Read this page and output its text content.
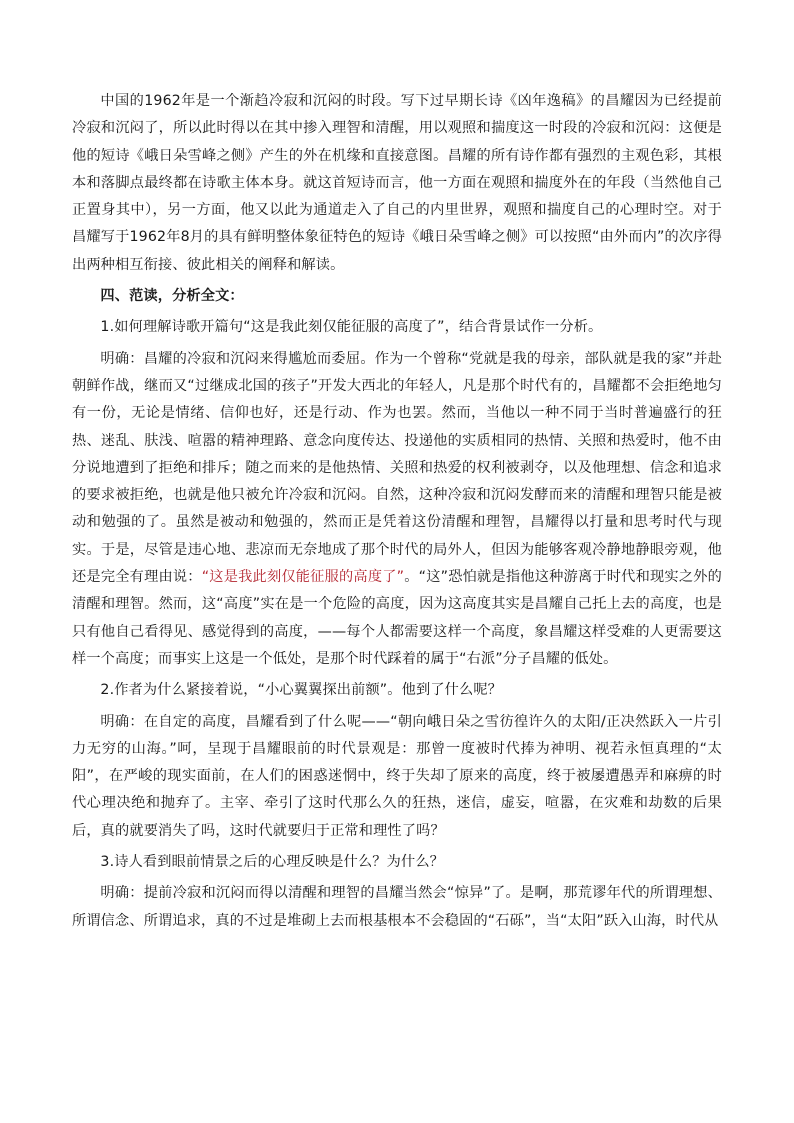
中国的1962年是一个渐趋冷寂和沉闷的时段。写下过早期长诗《凶年逸稿》的昌耀因为已经提前冷寂和沉闷了，所以此时得以在其中掺入理智和清醒，用以观照和揣度这一时段的冷寂和沉闷：这便是他的短诗《峨日朵雪峰之侧》产生的外在机缘和直接意图。昌耀的所有诗作都有强烈的主观色彩，其根本和落脚点最终都在诗歌主体本身。就这首短诗而言，他一方面在观照和揣度外在的年段（当然他自己正置身其中），另一方面，他又以此为通道走入了自己的内里世界，观照和揣度自己的心理时空。对于昌耀写于1962年8月的具有鲜明整体象征特色的短诗《峨日朵雪峰之侧》可以按照“由外而内”的次序得出两种相互衔接、彼此相关的阐释和解读。

四、范读，分析全文：

1.如何理解诗歌开篇句“这是我此刻仅能征服的高度了”，结合背景试作一分析。

明确：昌耀的冷寂和沉闷来得尴尬而委屈。作为一个曾称“党就是我的母亲，部队就是我的家”并赴朝鲜作战，继而又“过继成北国的孩子”开发大西北的年轻人，凡是那个时代有的，昌耀都不会拒绝地匀有一份，无论是情绪、信仰也好，还是行动、作为也罢。然而，当他以一种不同于当时普遍盛行的狂热、迷乱、肤浅、喧嚣的精神理路、意念向度传达、投递他的实质相同的热情、关照和热爱时，他不由分说地遭到了拒绝和排斥；随之而来的是他热情、关照和热爱的权利被剥夺，以及他理想、信念和追求的要求被拒绝，也就是他只被允许冷寂和沉闷。自然，这种冷寂和沉闷发酵而来的清醒和理智只能是被动和勉强的了。虽然是被动和勉强的，然而正是凭着这份清醒和理智，昌耀得以打量和思考时代与现实。于是，尽管是违心地、悲凉而无奈地成了那个时代的局外人，但因为能够客观冷静地静眼旁观，他还是完全有理由说：“这是我此刻仅能征服的高度了”。“这”恐怕就是指他这种游离于时代和现实之外的清醒和理智。然而，这“高度”实在是一个危险的高度，因为这高度其实是昌耀自己托上去的高度，也是只有他自己看得见、感觉得到的高度，——每个人都需要这样一个高度，象昌耀这样受难的人更需要这样一个高度；而事实上这是一个低处，是那个时代踩着的属于“右派”分子昌耀的低处。

2.作者为什么紧接着说，“小心翼翼探出前额”。他到了什么呢？

明确：在自定的高度，昌耀看到了什么呢——“朝向峨日朵之雪彷徨许久的太阳/正决然跃入一片引力无穷的山海。”呵，呈现于昌耀眼前的时代景观是：那曾一度被时代捧为神明、视若永恒真理的“太阳”，在严峻的现实面前，在人们的困惑迷惘中，终于失却了原来的高度，终于被屡遭愚弄和麻痹的时代心理决绝和抛弃了。主宰、牵引了这时代那么久的狂热，迷信，虚妄，喧嚣，在灾难和劫数的后果后，真的就要消失了吗，这时代就要归于正常和理性了吗？

3.诗人看到眼前情景之后的心理反映是什么？为什么？

明确：提前冷寂和沉闷而得以清醒和理智的昌耀当然会“惊异”了。是啊，那荒谬年代的所谓理想、所谓信念、所谓追求，真的不过是堆砌上去而根基根本不会稳固的“石砾”，当“太阳”跃入山海，时代从
